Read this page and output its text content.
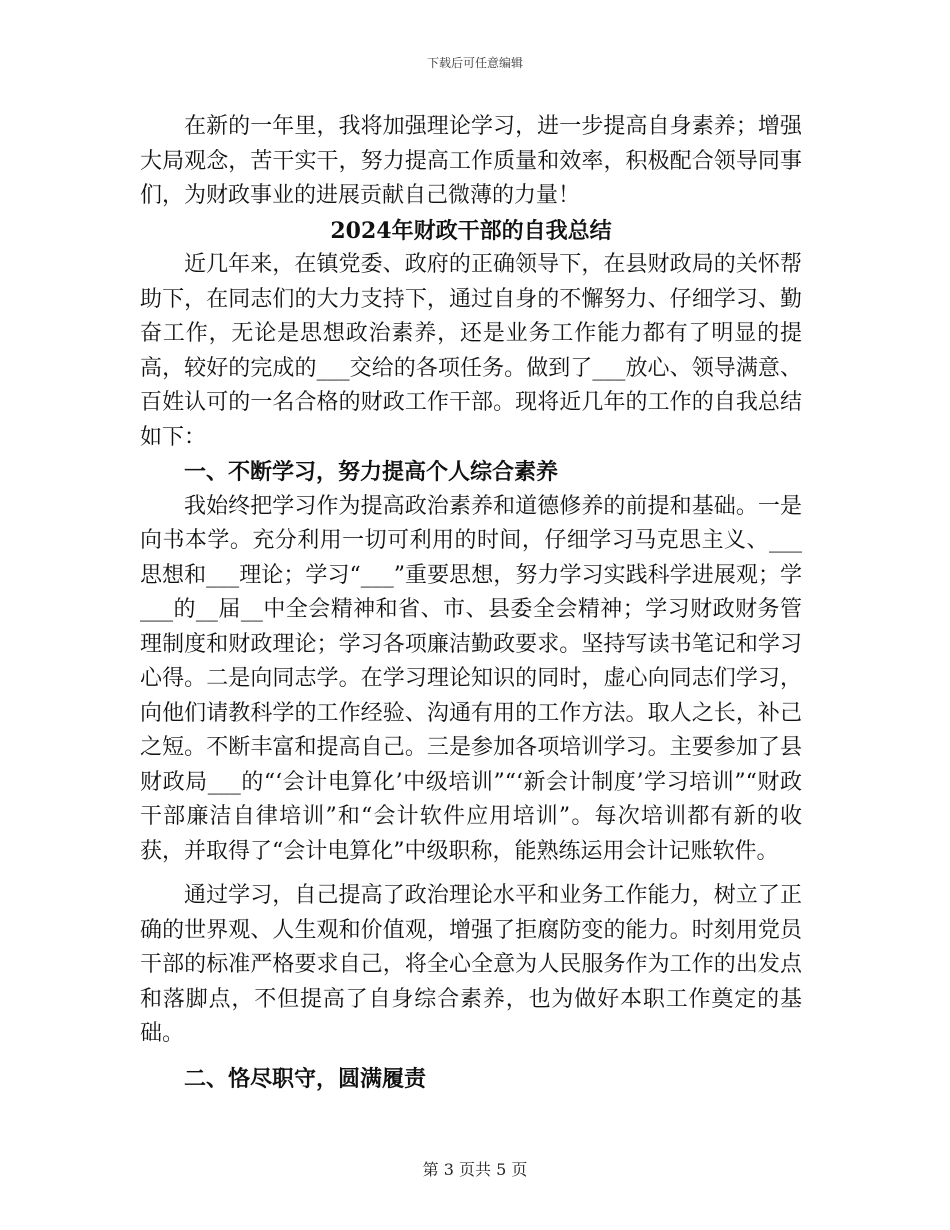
下载后可任意编辑

在新的一年里，我将加强理论学习，进一步提高自身素养；增强大局观念，苦干实干，努力提高工作质量和效率，积极配合领导同事们，为财政事业的进展贡献自己微薄的力量！

2024年财政干部的自我总结

近几年来，在镇党委、政府的正确领导下，在县财政局的关怀帮助下，在同志们的大力支持下，通过自身的不懈努力、仔细学习、勤奋工作，无论是思想政治素养，还是业务工作能力都有了明显的提高，较好的完成的___交给的各项任务。做到了___放心、领导满意、百姓认可的一名合格的财政工作干部。现将近几年的工作的自我总结如下：

一、不断学习，努力提高个人综合素养

我始终把学习作为提高政治素养和道德修养的前提和基础。一是向书本学。充分利用一切可利用的时间，仔细学习马克思主义、___思想和___理论；学习“___”重要思想，努力学习实践科学进展观；学___的__届__中全会精神和省、市、县委全会精神；学习财政财务管理制度和财政理论；学习各项廉洁勤政要求。坚持写读书笔记和学习心得。二是向同志学。在学习理论知识的同时，虚心向同志们学习，向他们请教科学的工作经验、沟通有用的工作方法。取人之长，补己之短。不断丰富和提高自己。三是参加各项培训学习。主要参加了县财政局___的“‘会计电算化’中级培训”“‘新会计制度’学习培训”“财政干部廉洁自律培训”和“会计软件应用培训”。每次培训都有新的收获，并取得了“会计电算化”中级职称，能熟练运用会计记账软件。

通过学习，自己提高了政治理论水平和业务工作能力，树立了正确的世界观、人生观和价值观，增强了拒腐防变的能力。时刻用党员干部的标准严格要求自己，将全心全意为人民服务作为工作的出发点和落脚点，不但提高了自身综合素养，也为做好本职工作奠定的基础。

二、恪尽职守，圆满履责

第 3 页共 5 页
